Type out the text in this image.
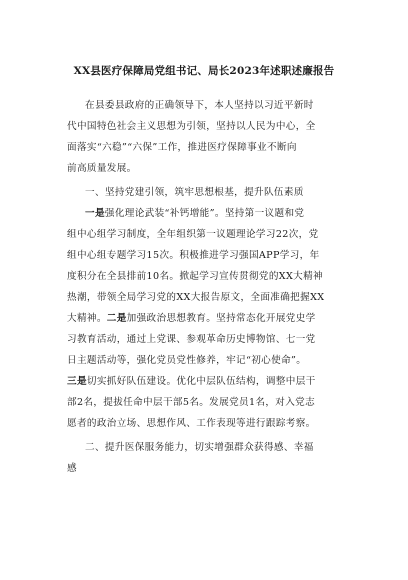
XX县医疗保障局党组书记、局长2023年述职述廉报告
在县委县政府的正确领导下，本人坚持以习近平新时
代中国特色社会主义思想为引领，坚持以人民为中心，全
面落实“六稳”“六保”工作，推进医疗保障事业不断向
前高质量发展。
一、坚持党建引领，筑牢思想根基，提升队伍素质
一是强化理论武装“补钙增能”。坚持第一议题和党
组中心组学习制度，全年组织第一议题理论学习22次，党
组中心组专题学习15次。积极推进学习强国APP学习，年
度积分在全县排前10名。掀起学习宣传贯彻党的XX大精神
热潮，带领全局学习党的XX大报告原文，全面准确把握XX
大精神。二是加强政治思想教育。坚持常态化开展党史学
习教育活动，通过上党课、参观革命历史博物馆、七一党
日主题活动等，强化党员党性修养，牢记“初心使命”。
三是切实抓好队伍建设。优化中层队伍结构，调整中层干
部2名，提拔任命中层干部5名。发展党员1名，对入党志
愿者的政治立场、思想作风、工作表现等进行跟踪考察。
二、提升医保服务能力，切实增强群众获得感、幸福
感
